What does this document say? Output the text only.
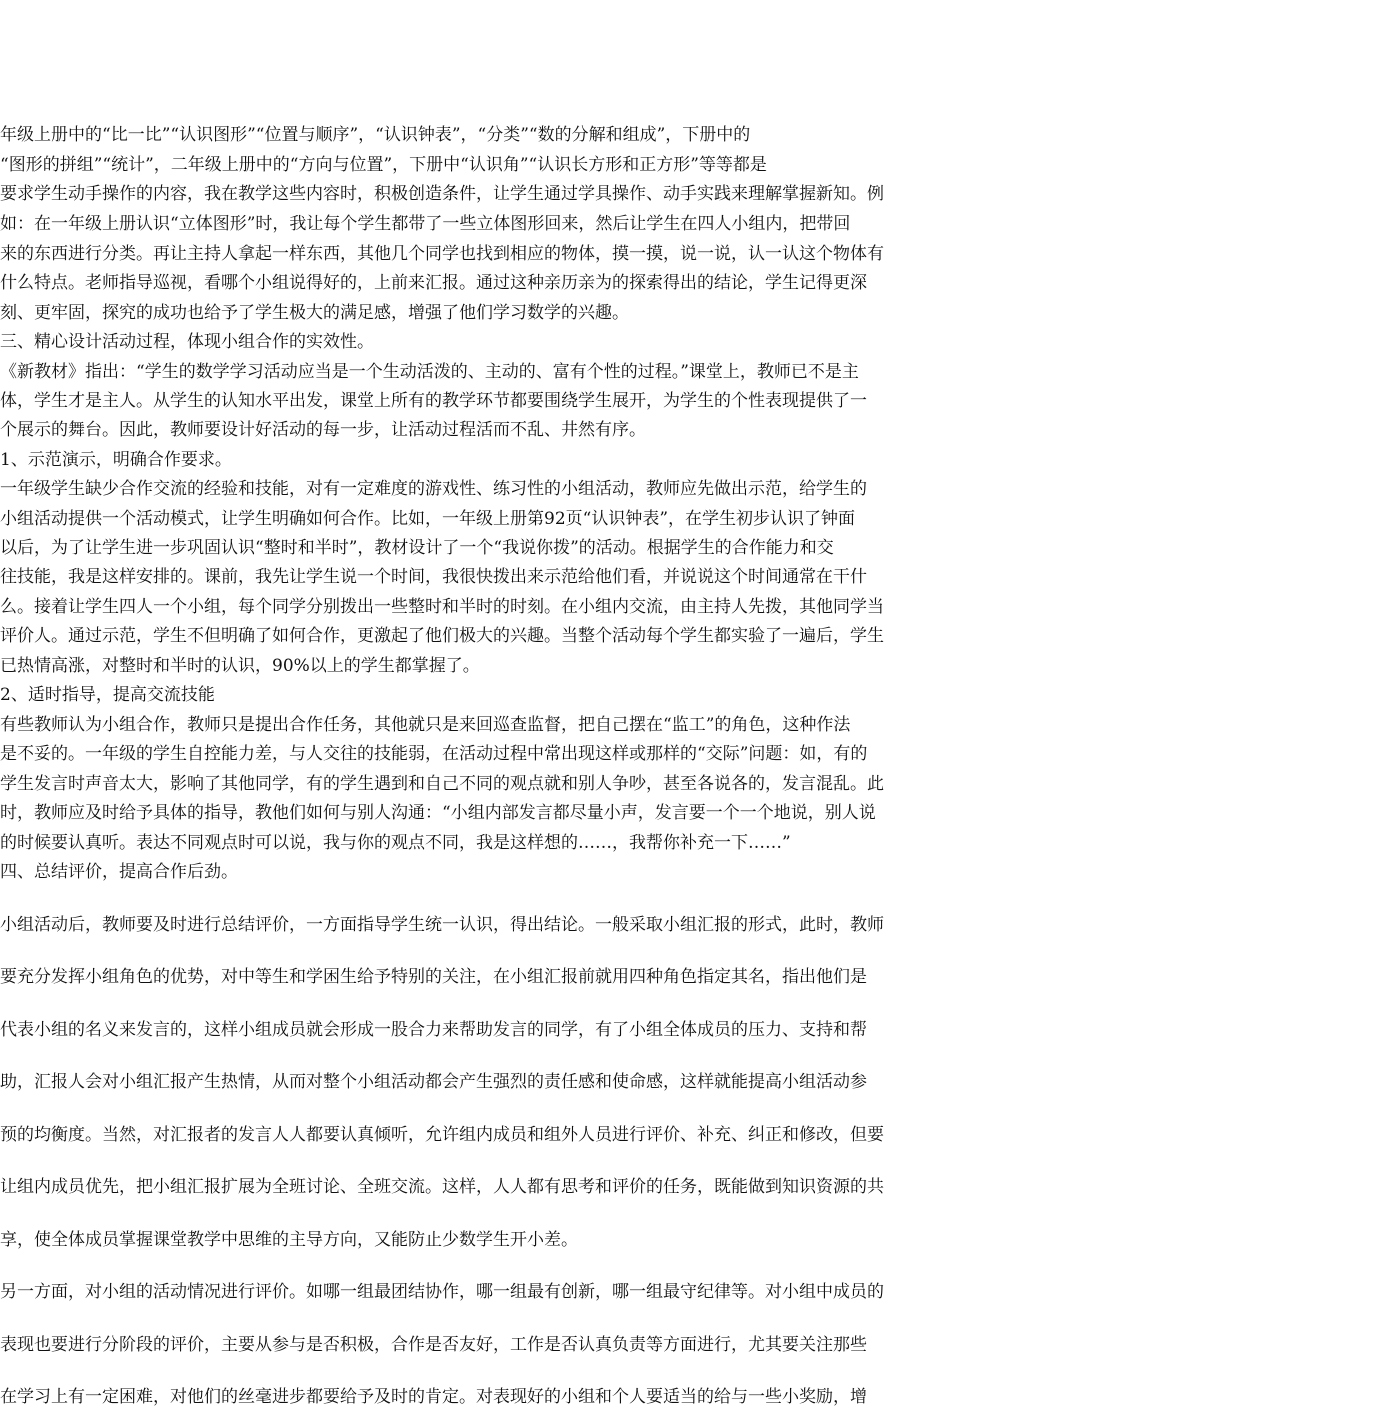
年级上册中的“比一比”“认识图形”“位置与顺序”，“认识钟表”，“分类”“数的分解和组成”，下册中的
“图形的拼组”“统计”，二年级上册中的“方向与位置”，下册中“认识角”“认识长方形和正方形”等等都是
要求学生动手操作的内容，我在教学这些内容时，积极创造条件，让学生通过学具操作、动手实践来理解掌握新知。例
如：在一年级上册认识“立体图形”时，我让每个学生都带了一些立体图形回来，然后让学生在四人小组内，把带回
来的东西进行分类。再让主持人拿起一样东西，其他几个同学也找到相应的物体，摸一摸，说一说，认一认这个物体有
什么特点。老师指导巡视，看哪个小组说得好的，上前来汇报。通过这种亲历亲为的探索得出的结论，学生记得更深
刻、更牢固，探究的成功也给予了学生极大的满足感，增强了他们学习数学的兴趣。
三、精心设计活动过程，体现小组合作的实效性。
《新教材》指出：“学生的数学学习活动应当是一个生动活泼的、主动的、富有个性的过程。”课堂上，教师已不是主
体，学生才是主人。从学生的认知水平出发，课堂上所有的教学环节都要围绕学生展开，为学生的个性表现提供了一
个展示的舞台。因此，教师要设计好活动的每一步，让活动过程活而不乱、井然有序。
1、示范演示，明确合作要求。
一年级学生缺少合作交流的经验和技能，对有一定难度的游戏性、练习性的小组活动，教师应先做出示范，给学生的
小组活动提供一个活动模式，让学生明确如何合作。比如，一年级上册第92页“认识钟表”，在学生初步认识了钟面
以后，为了让学生进一步巩固认识“整时和半时”，教材设计了一个“我说你拨”的活动。根据学生的合作能力和交
往技能，我是这样安排的。课前，我先让学生说一个时间，我很快拨出来示范给他们看，并说说这个时间通常在干什
么。接着让学生四人一个小组，每个同学分别拨出一些整时和半时的时刻。在小组内交流，由主持人先拨，其他同学当
评价人。通过示范，学生不但明确了如何合作，更激起了他们极大的兴趣。当整个活动每个学生都实验了一遍后，学生
已热情高涨，对整时和半时的认识，90%以上的学生都掌握了。
2、适时指导，提高交流技能
有些教师认为小组合作，教师只是提出合作任务，其他就只是来回巡查监督，把自己摆在“监工”的角色，这种作法
是不妥的。一年级的学生自控能力差，与人交往的技能弱，在活动过程中常出现这样或那样的“交际”问题：如，有的
学生发言时声音太大，影响了其他同学，有的学生遇到和自己不同的观点就和别人争吵，甚至各说各的，发言混乱。此
时，教师应及时给予具体的指导，教他们如何与别人沟通：“小组内部发言都尽量小声，发言要一个一个地说，别人说
的时候要认真听。表达不同观点时可以说，我与你的观点不同，我是这样想的……，我帮你补充一下……”
四、总结评价，提高合作后劲。
小组活动后，教师要及时进行总结评价，一方面指导学生统一认识，得出结论。一般采取小组汇报的形式，此时，教师
要充分发挥小组角色的优势，对中等生和学困生给予特别的关注，在小组汇报前就用四种角色指定其名，指出他们是
代表小组的名义来发言的，这样小组成员就会形成一股合力来帮助发言的同学，有了小组全体成员的压力、支持和帮
助，汇报人会对小组汇报产生热情，从而对整个小组活动都会产生强烈的责任感和使命感，这样就能提高小组活动参
预的均衡度。当然，对汇报者的发言人人都要认真倾听，允许组内成员和组外人员进行评价、补充、纠正和修改，但要
让组内成员优先，把小组汇报扩展为全班讨论、全班交流。这样，人人都有思考和评价的任务，既能做到知识资源的共
享，使全体成员掌握课堂教学中思维的主导方向，又能防止少数学生开小差。
另一方面，对小组的活动情况进行评价。如哪一组最团结协作，哪一组最有创新，哪一组最守纪律等。对小组中成员的
表现也要进行分阶段的评价，主要从参与是否积极，合作是否友好，工作是否认真负责等方面进行，尤其要关注那些
在学习上有一定困难，对他们的丝毫进步都要给予及时的肯定。对表现好的小组和个人要适当的给与一些小奖励，增
